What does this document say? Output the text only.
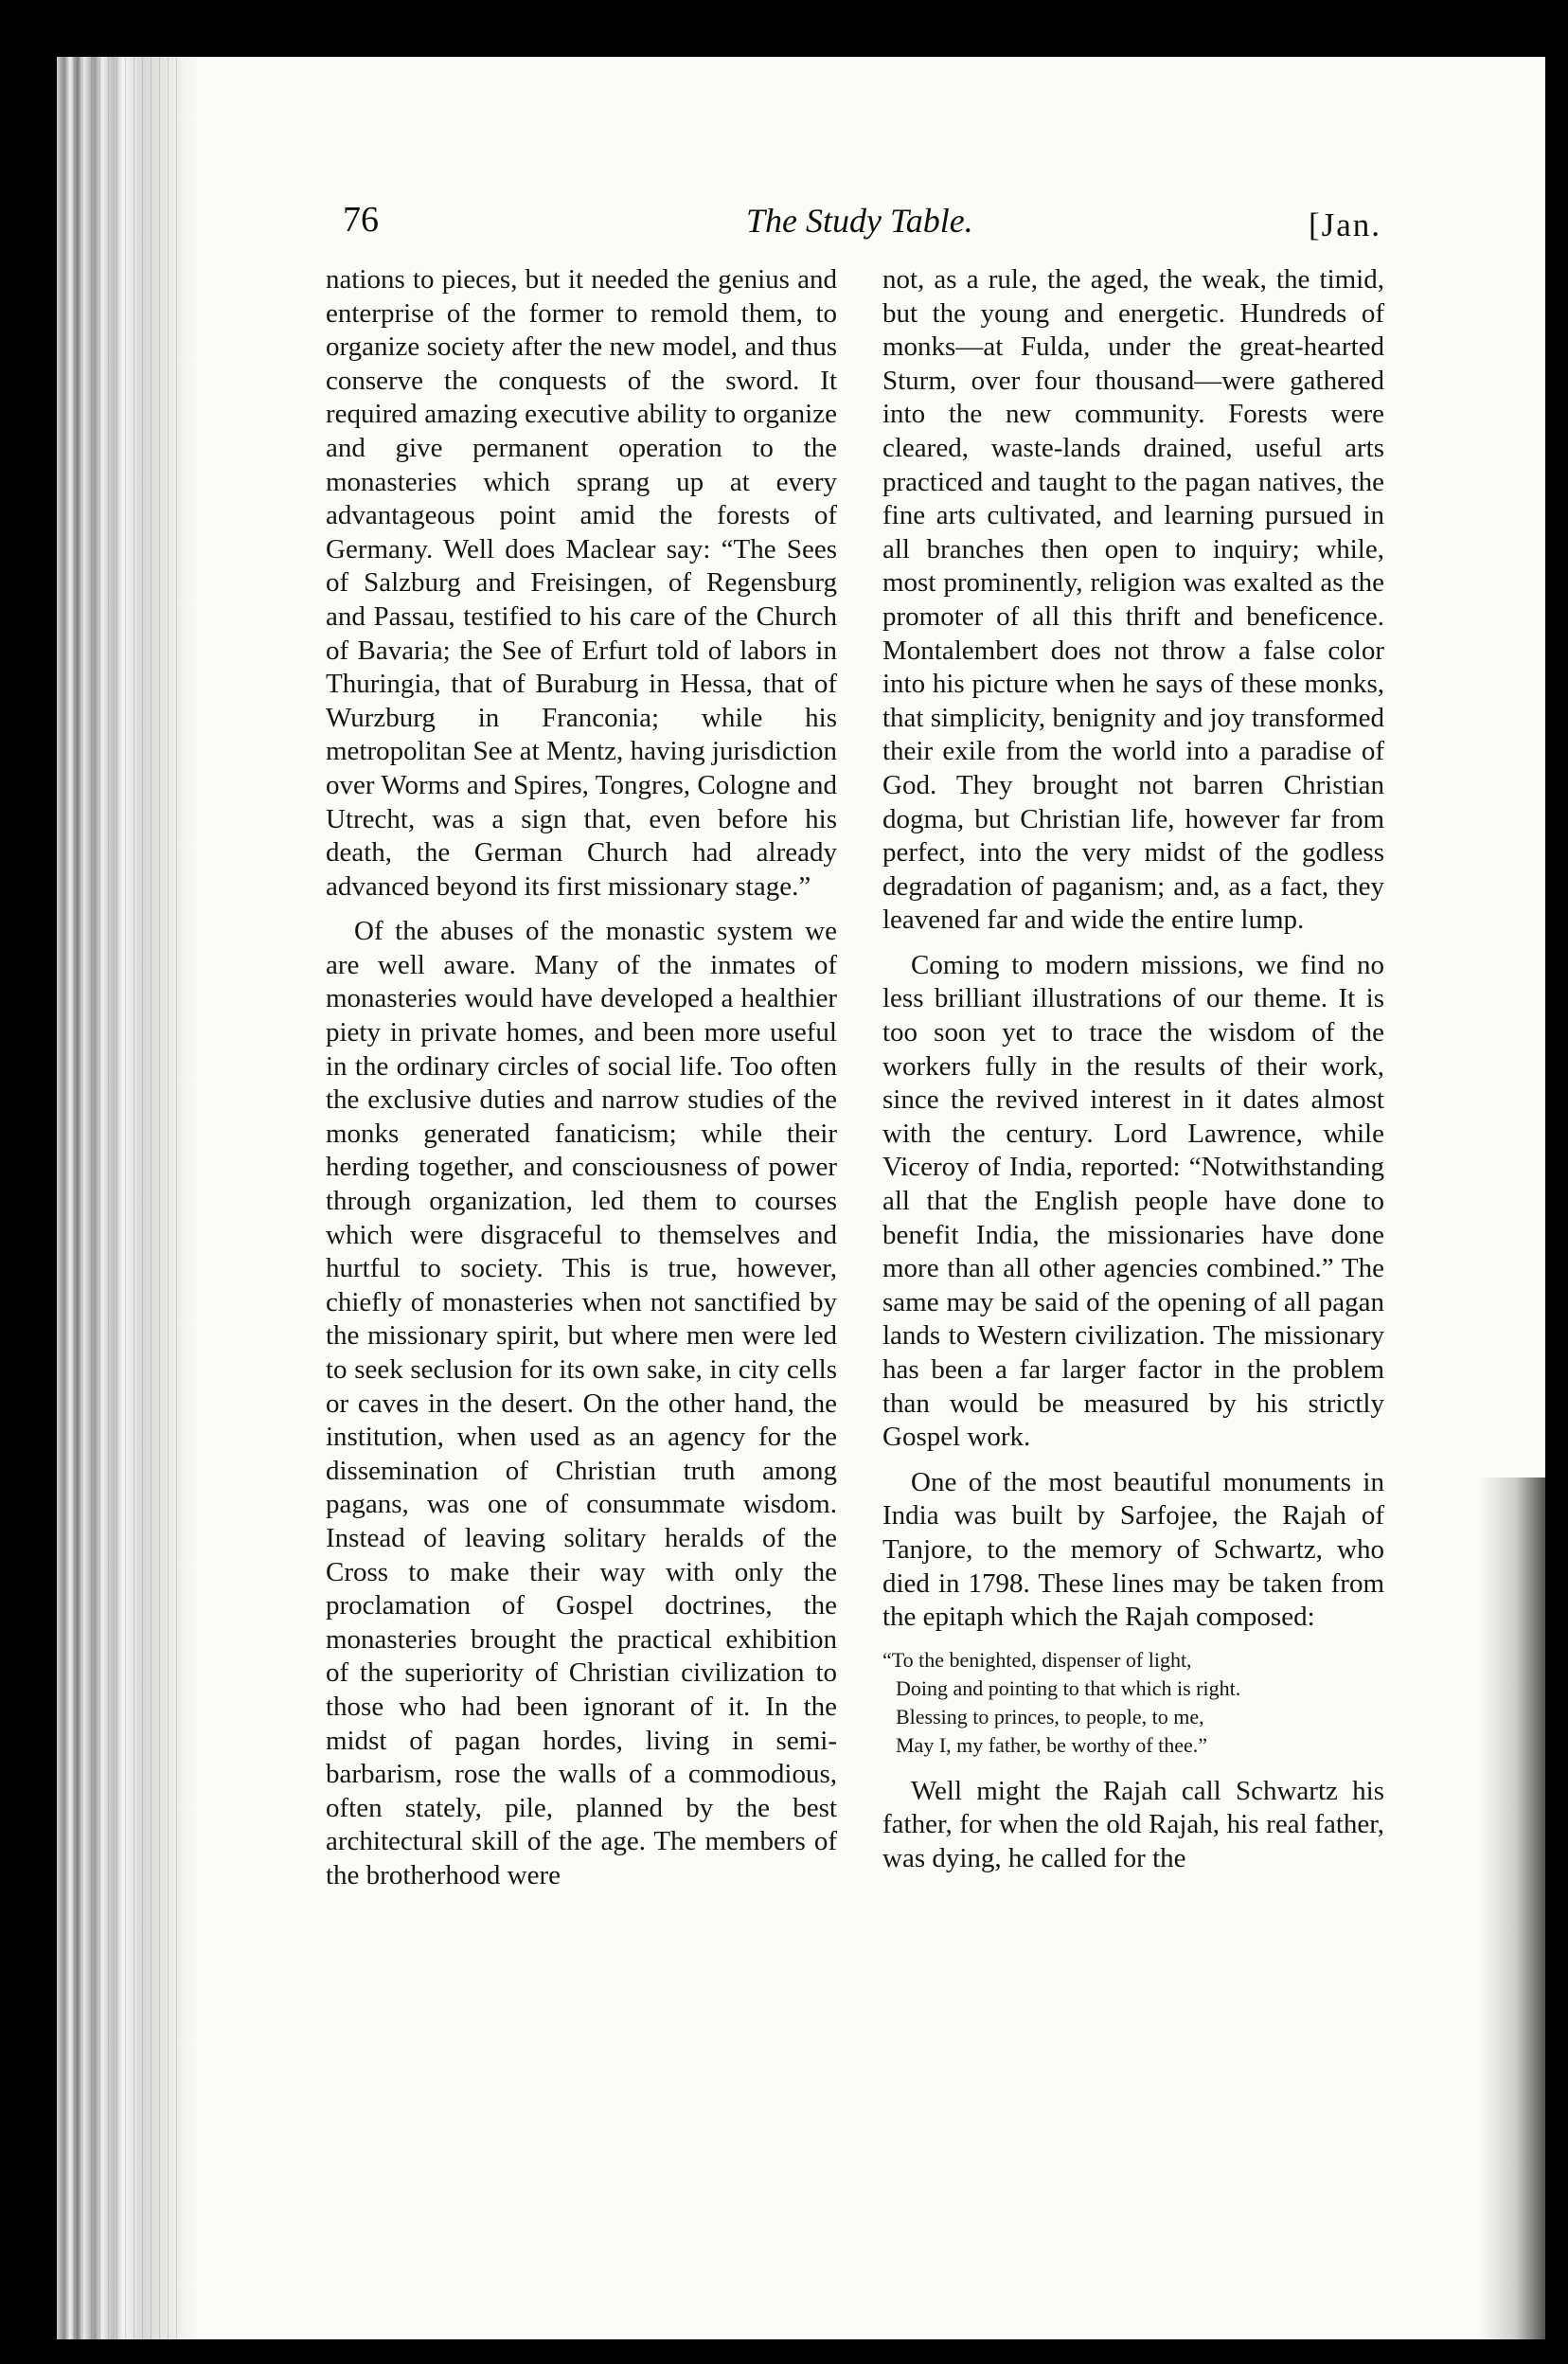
76	The Study Table.	[Jan.

nations to pieces, but it needed the genius and enterprise of the former to remold them, to organize society after the new model, and thus conserve the conquests of the sword. It required amazing executive ability to organize and give permanent operation to the monasteries which sprang up at every advantageous point amid the forests of Germany. Well does Maclear say: “The Sees of Salzburg and Freisingen, of Regensburg and Passau, testified to his care of the Church of Bavaria; the See of Erfurt told of labors in Thuringia, that of Buraburg in Hessa, that of Wurzburg in Franconia; while his metropolitan See at Mentz, having jurisdiction over Worms and Spires, Tongres, Cologne and Utrecht, was a sign that, even before his death, the German Church had already advanced beyond its first missionary stage.”

Of the abuses of the monastic system we are well aware. Many of the inmates of monasteries would have developed a healthier piety in private homes, and been more useful in the ordinary circles of social life. Too often the exclusive duties and narrow studies of the monks generated fanaticism; while their herding together, and consciousness of power through organization, led them to courses which were disgraceful to themselves and hurtful to society. This is true, however, chiefly of monasteries when not sanctified by the missionary spirit, but where men were led to seek seclusion for its own sake, in city cells or caves in the desert. On the other hand, the institution, when used as an agency for the dissemination of Christian truth among pagans, was one of consummate wisdom. Instead of leaving solitary heralds of the Cross to make their way with only the proclamation of Gospel doctrines, the monasteries brought the practical exhibition of the superiority of Christian civilization to those who had been ignorant of it. In the midst of pagan hordes, living in semi-barbarism, rose the walls of a commodious, often stately, pile, planned by the best architectural skill of the age. The members of the brotherhood were

not, as a rule, the aged, the weak, the timid, but the young and energetic. Hundreds of monks—at Fulda, under the great-hearted Sturm, over four thousand—were gathered into the new community. Forests were cleared, waste-lands drained, useful arts practiced and taught to the pagan natives, the fine arts cultivated, and learning pursued in all branches then open to inquiry; while, most prominently, religion was exalted as the promoter of all this thrift and beneficence. Montalembert does not throw a false color into his picture when he says of these monks, that simplicity, benignity and joy transformed their exile from the world into a paradise of God. They brought not barren Christian dogma, but Christian life, however far from perfect, into the very midst of the godless degradation of paganism; and, as a fact, they leavened far and wide the entire lump.

Coming to modern missions, we find no less brilliant illustrations of our theme. It is too soon yet to trace the wisdom of the workers fully in the results of their work, since the revived interest in it dates almost with the century. Lord Lawrence, while Viceroy of India, reported: “Notwithstanding all that the English people have done to benefit India, the missionaries have done more than all other agencies combined.” The same may be said of the opening of all pagan lands to Western civilization. The missionary has been a far larger factor in the problem than would be measured by his strictly Gospel work.

One of the most beautiful monuments in India was built by Sarfojee, the Rajah of Tanjore, to the memory of Schwartz, who died in 1798. These lines may be taken from the epitaph which the Rajah composed:

“To the benighted, dispenser of light,
Doing and pointing to that which is right.
Blessing to princes, to people, to me,
May I, my father, be worthy of thee.”

Well might the Rajah call Schwartz his father, for when the old Rajah, his real father, was dying, he called for the
